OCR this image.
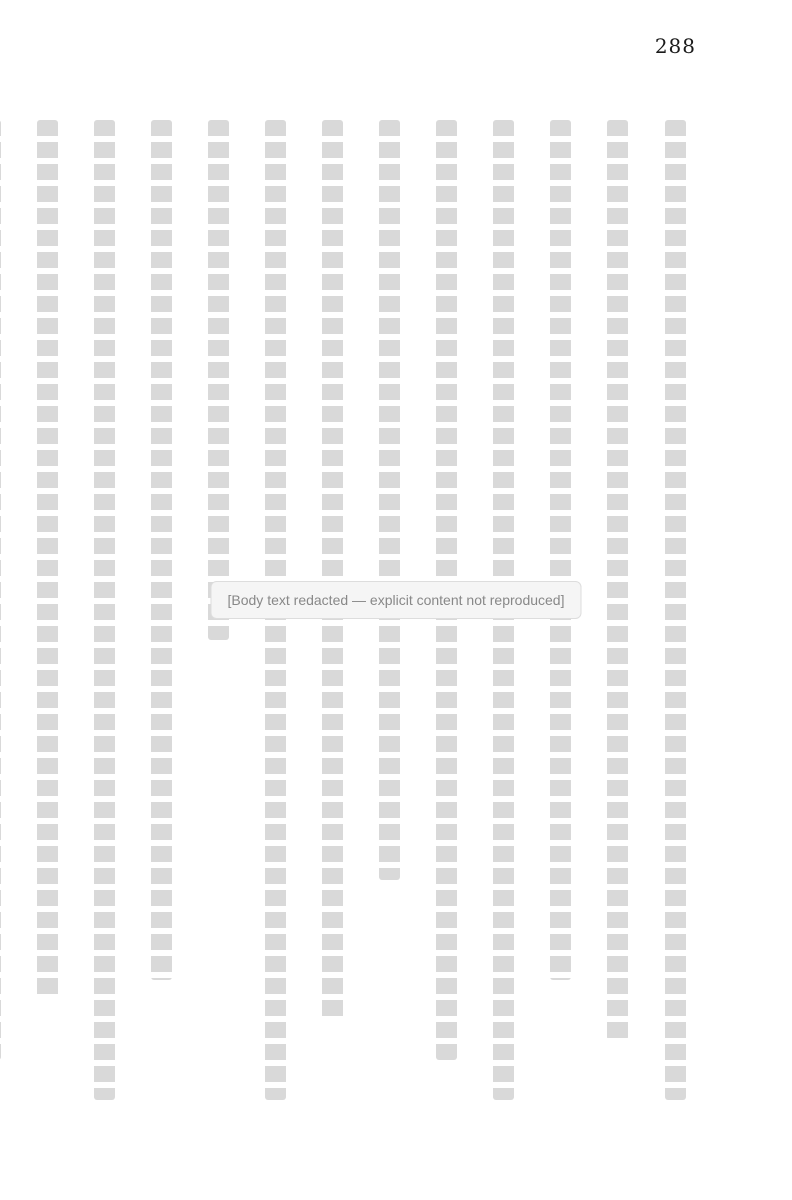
288
[Body text redacted — explicit content not reproduced]
